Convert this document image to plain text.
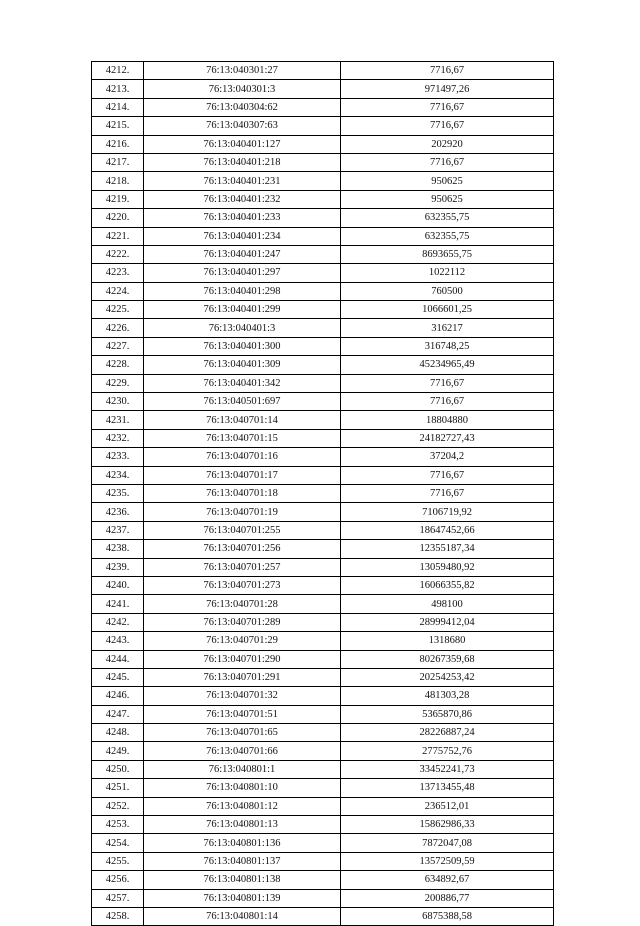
4212.	76:13:040301:27	7716,67
4213.	76:13:040301:3	971497,26
4214.	76:13:040304:62	7716,67
4215.	76:13:040307:63	7716,67
4216.	76:13:040401:127	202920
4217.	76:13:040401:218	7716,67
4218.	76:13:040401:231	950625
4219.	76:13:040401:232	950625
4220.	76:13:040401:233	632355,75
4221.	76:13:040401:234	632355,75
4222.	76:13:040401:247	8693655,75
4223.	76:13:040401:297	1022112
4224.	76:13:040401:298	760500
4225.	76:13:040401:299	1066601,25
4226.	76:13:040401:3	316217
4227.	76:13:040401:300	316748,25
4228.	76:13:040401:309	45234965,49
4229.	76:13:040401:342	7716,67
4230.	76:13:040501:697	7716,67
4231.	76:13:040701:14	18804880
4232.	76:13:040701:15	24182727,43
4233.	76:13:040701:16	37204,2
4234.	76:13:040701:17	7716,67
4235.	76:13:040701:18	7716,67
4236.	76:13:040701:19	7106719,92
4237.	76:13:040701:255	18647452,66
4238.	76:13:040701:256	12355187,34
4239.	76:13:040701:257	13059480,92
4240.	76:13:040701:273	16066355,82
4241.	76:13:040701:28	498100
4242.	76:13:040701:289	28999412,04
4243.	76:13:040701:29	1318680
4244.	76:13:040701:290	80267359,68
4245.	76:13:040701:291	20254253,42
4246.	76:13:040701:32	481303,28
4247.	76:13:040701:51	5365870,86
4248.	76:13:040701:65	28226887,24
4249.	76:13:040701:66	2775752,76
4250.	76:13:040801:1	33452241,73
4251.	76:13:040801:10	13713455,48
4252.	76:13:040801:12	236512,01
4253.	76:13:040801:13	15862986,33
4254.	76:13:040801:136	7872047,08
4255.	76:13:040801:137	13572509,59
4256.	76:13:040801:138	634892,67
4257.	76:13:040801:139	200886,77
4258.	76:13:040801:14	6875388,58
